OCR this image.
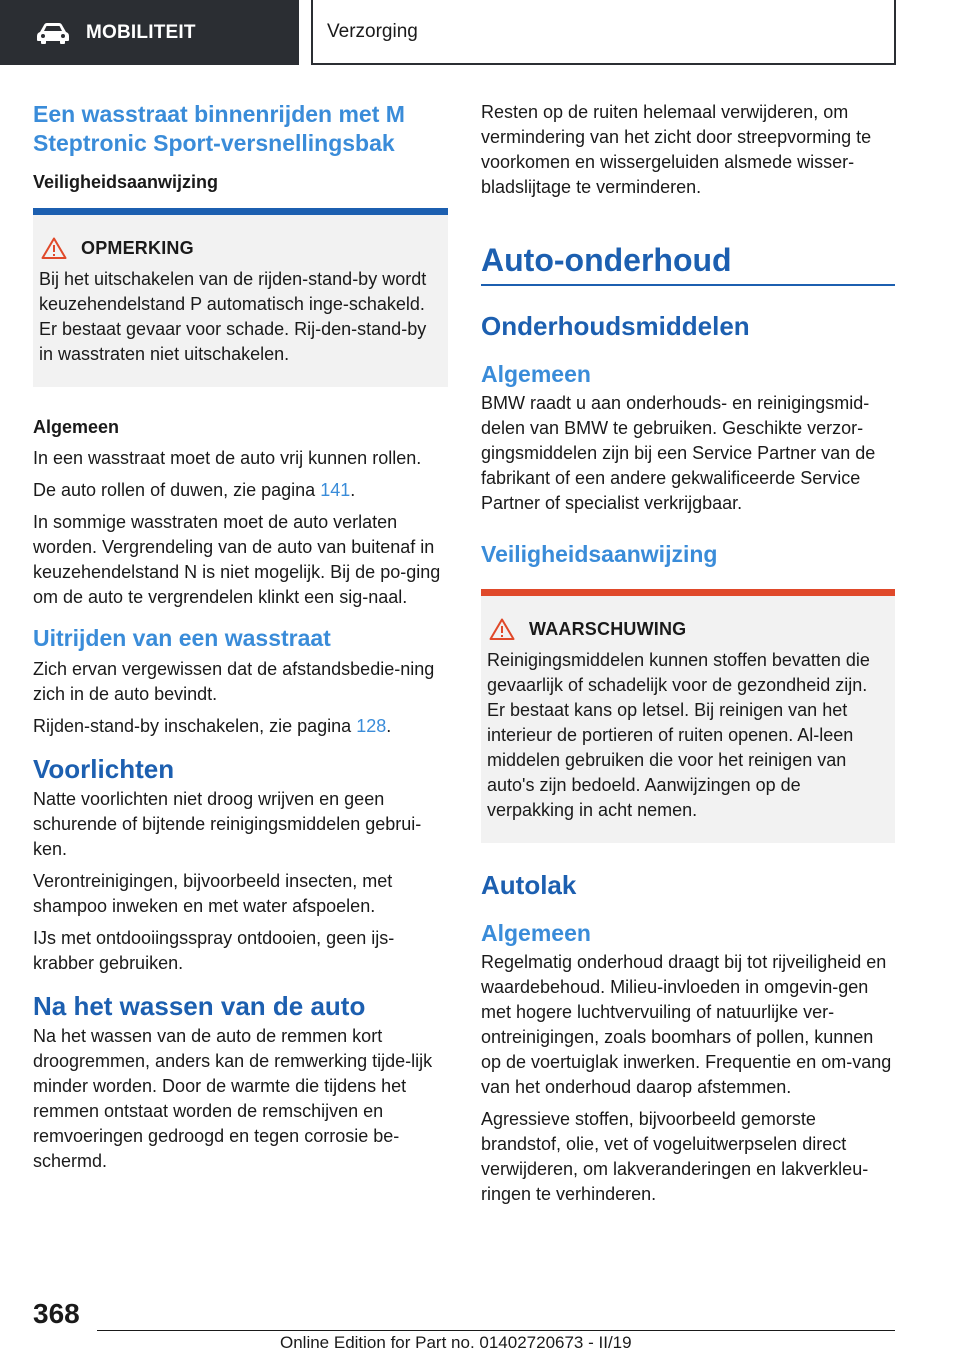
MOBILITEIT	Verzorging
Een wasstraat binnenrijden met M Steptronic Sport-versnellingsbak
Veiligheidsaanwijzing
OPMERKING

Bij het uitschakelen van de rijden-stand-by wordt keuzehendelstand P automatisch inge-schakeld. Er bestaat gevaar voor schade. Rij-den-stand-by in wasstraten niet uitschakelen.

Algemeen

In een wasstraat moet de auto vrij kunnen rollen.

De auto rollen of duwen, zie pagina 141.

In sommige wasstraten moet de auto verlaten worden. Vergrendeling van de auto van buitenaf in keuzehendelstand N is niet mogelijk. Bij de po-ging om de auto te vergrendelen klinkt een sig-naal.

Uitrijden van een wasstraat

Zich ervan vergewissen dat de afstandsbedie-ning zich in de auto bevindt.

Rijden-stand-by inschakelen, zie pagina 128.

Voorlichten

Natte voorlichten niet droog wrijven en geen schurende of bijtende reinigingsmiddelen gebrui-ken.

Verontreinigingen, bijvoorbeeld insecten, met shampoo inweken en met water afspoelen.

IJs met ontdooiingsspray ontdooien, geen ijs-krabber gebruiken.

Na het wassen van de auto

Na het wassen van de auto de remmen kort droogremmen, anders kan de remwerking tijde-lijk minder worden. Door de warmte die tijdens het remmen ontstaat worden de remschijven en remvoeringen gedroogd en tegen corrosie be-schermd.

Resten op de ruiten helemaal verwijderen, om vermindering van het zicht door streepvorming te voorkomen en wissergeluiden alsmede wisser-bladslijtage te verminderen.

Auto-onderhoud
Onderhoudsmiddelen
Algemeen

BMW raadt u aan onderhouds- en reinigingsmid-delen van BMW te gebruiken. Geschikte verzor-gingsmiddelen zijn bij een Service Partner van de fabrikant of een andere gekwalificeerde Service Partner of specialist verkrijgbaar.

Veiligheidsaanwijzing
WAARSCHUWING

Reinigingsmiddelen kunnen stoffen bevatten die gevaarlijk of schadelijk voor de gezondheid zijn. Er bestaat kans op letsel. Bij reinigen van het interieur de portieren of ruiten openen. Al-leen middelen gebruiken die voor het reinigen van auto's zijn bedoeld. Aanwijzingen op de verpakking in acht nemen.

Autolak
Algemeen

Regelmatig onderhoud draagt bij tot rijveiligheid en waardebehoud. Milieu-invloeden in omgevin-gen met hogere luchtvervuiling of natuurlijke ver-ontreinigingen, zoals boomhars of pollen, kunnen op de voertuiglak inwerken. Frequentie en om-vang van het onderhoud daarop afstemmen.

Agressieve stoffen, bijvoorbeeld gemorste brandstof, olie, vet of vogeluitwerpselen direct verwijderen, om lakveranderingen en lakverkleu-ringen te verhinderen.

368
Online Edition for Part no. 01402720673 - II/19
